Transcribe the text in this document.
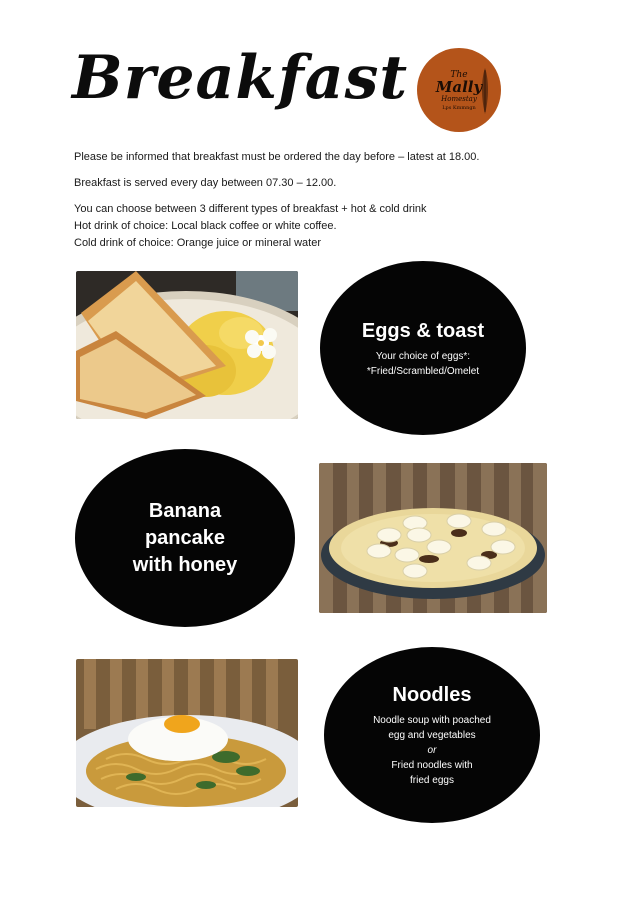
Breakfast	The
Mally
Homestay
Lps Kmmngn

Please be informed that breakfast must be ordered the day before – latest at 18.00.

Breakfast is served every day between 07.30 – 12.00.

You can choose between 3 different types of breakfast + hot & cold drink

Hot drink of choice: Local black coffee or white coffee.

Cold drink of choice: Orange juice or mineral water

Eggs & toast
Your choice of eggs*:
*Fried/Scrambled/Omelet
Banana
pancake
with honey
Noodles
Noodle soup with poached
egg and vegetables
or
Fried noodles with
fried eggs
